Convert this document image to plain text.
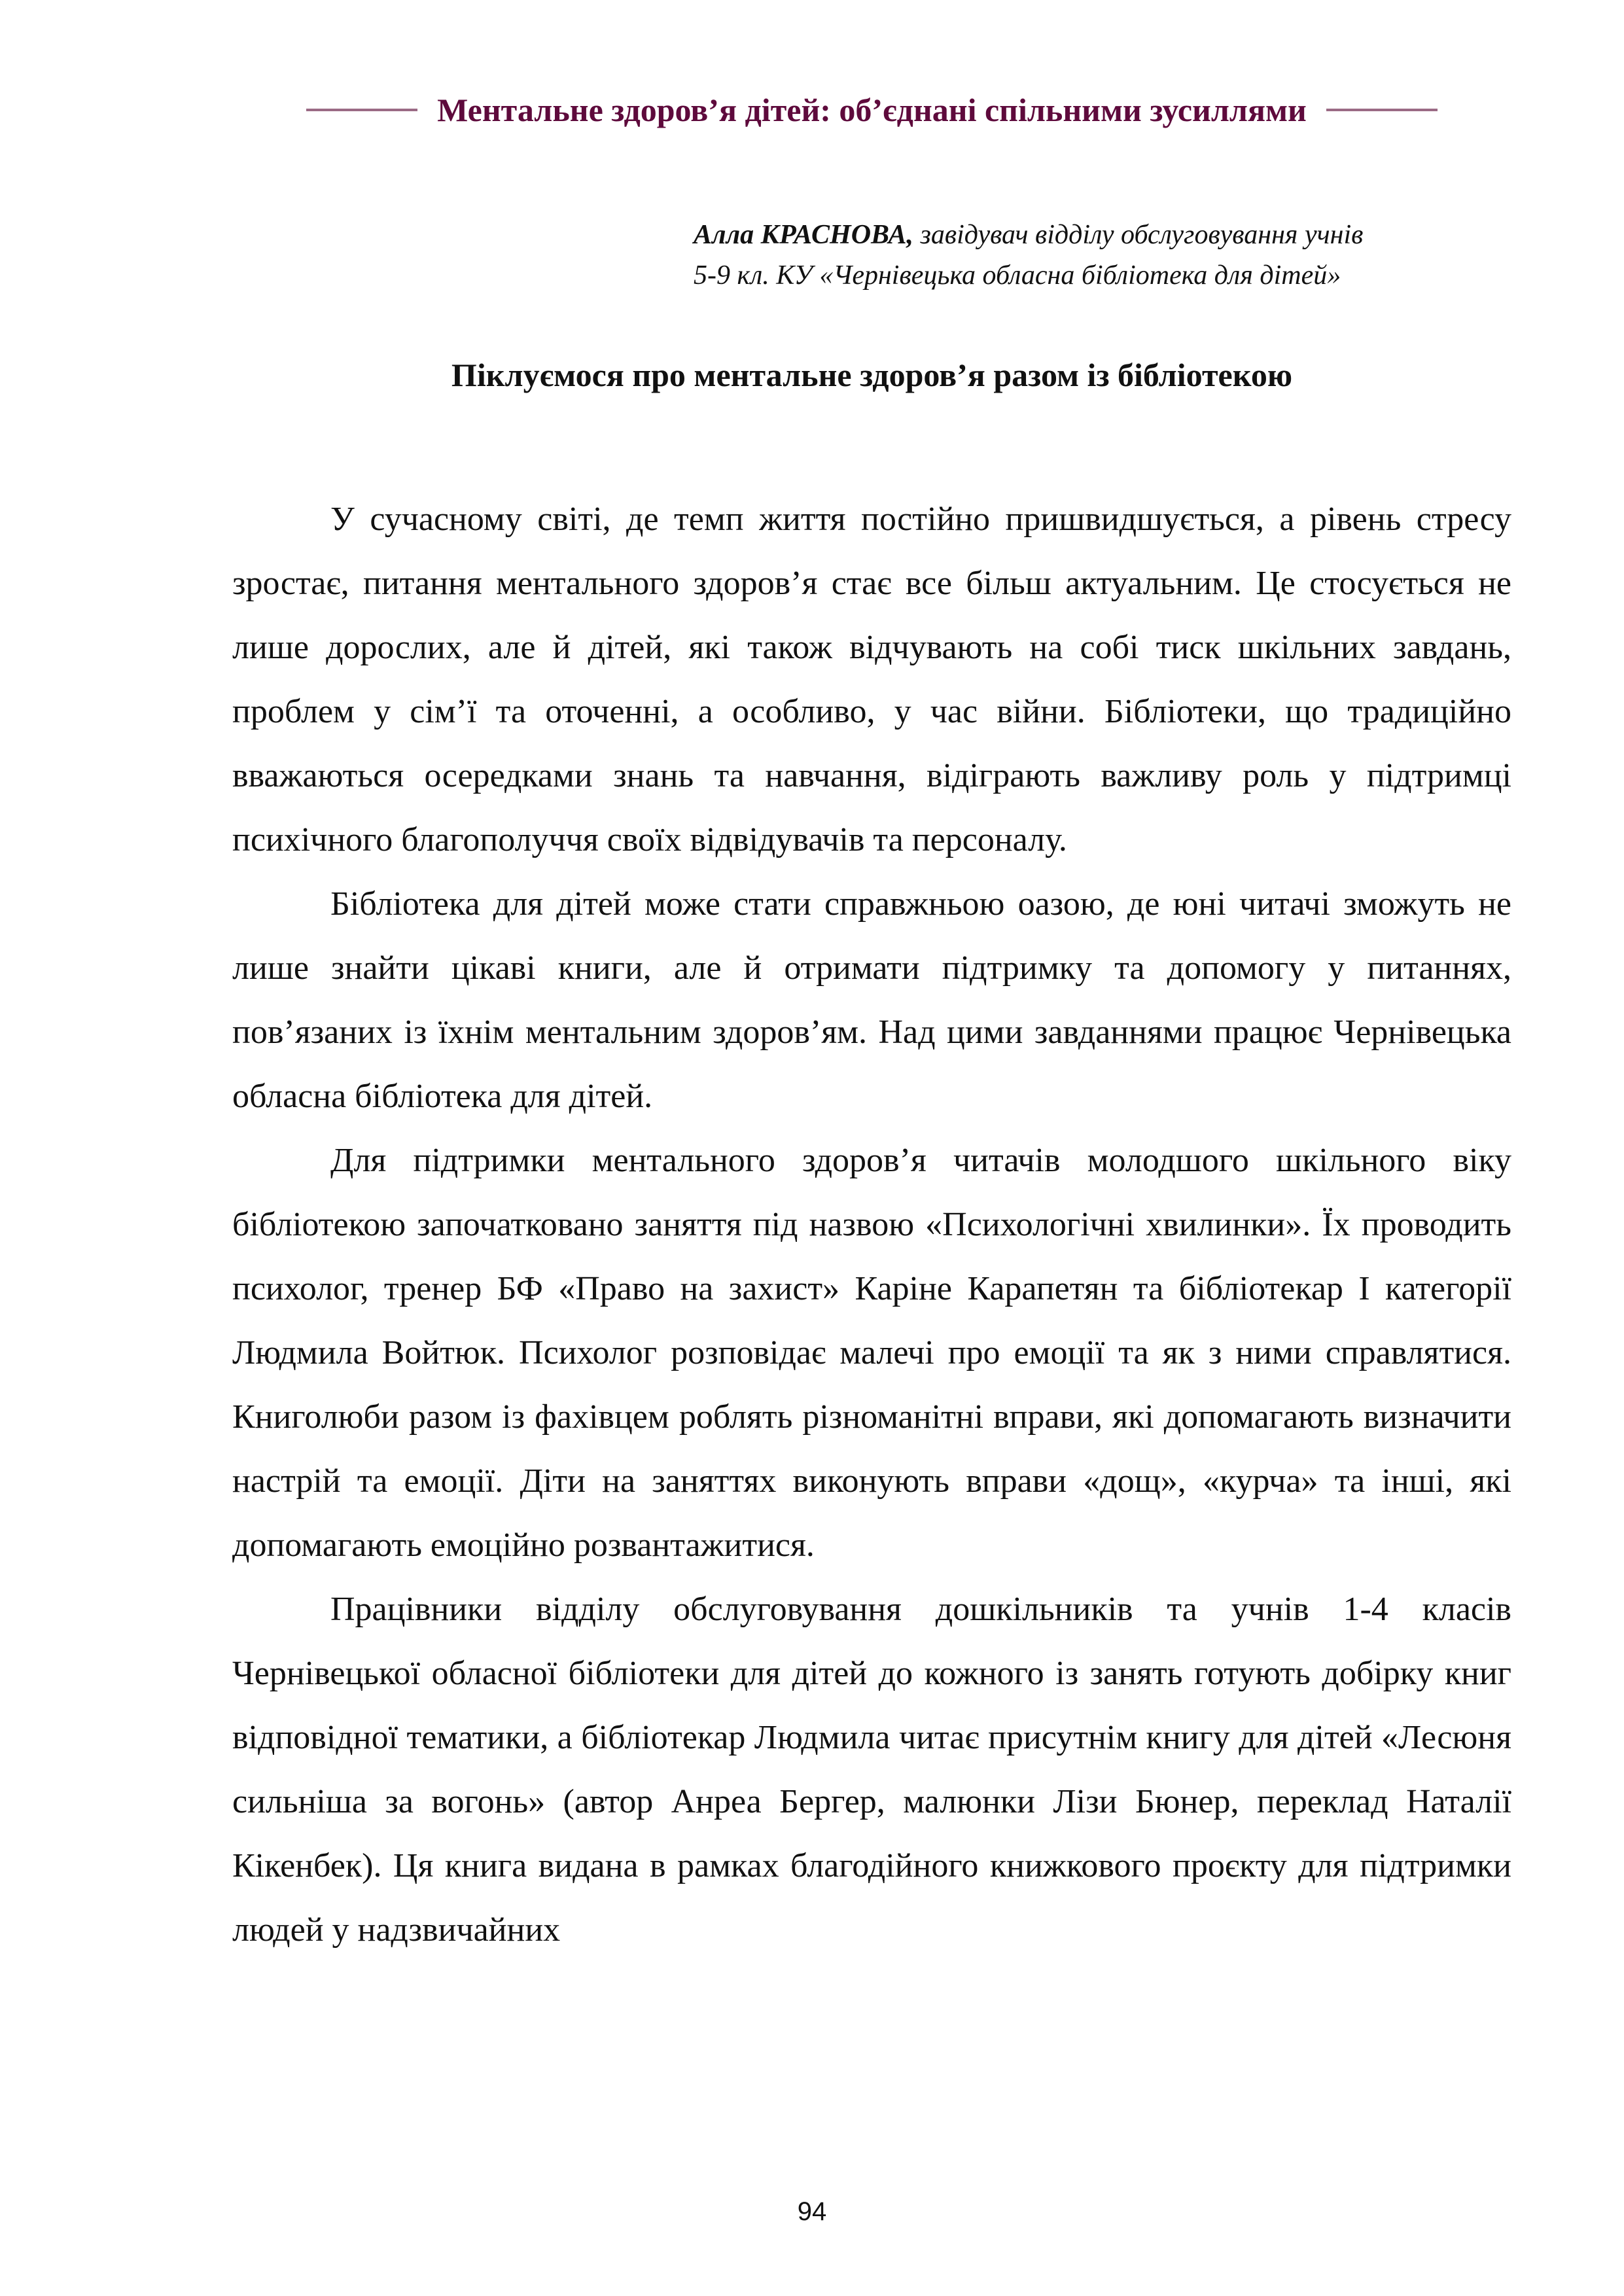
Ментальне здоров’я дітей: об’єднані спільними зусиллями
Алла КРАСНОВА, завідувач відділу обслуговування учнів
5-9 кл. КУ «Чернівецька обласна бібліотека для дітей»
Піклуємося про ментальне здоров’я разом із бібліотекою

У сучасному світі, де темп життя постійно пришвидшується, а рівень стресу зростає, питання ментального здоров’я стає все більш актуальним. Це стосується не лише дорослих, але й дітей, які також відчувають на собі тиск шкільних завдань, проблем у сім’ї та оточенні, а особливо, у час війни. Бібліотеки, що традиційно вважаються осередками знань та навчання, відіграють важливу роль у підтримці психічного благополуччя своїх відвідувачів та персоналу.

Бібліотека для дітей може стати справжньою оазою, де юні читачі зможуть не лише знайти цікаві книги, але й отримати підтримку та допомогу у питаннях, пов’язаних із їхнім ментальним здоров’ям. Над цими завданнями працює Чернівецька обласна бібліотека для дітей.

Для підтримки ментального здоров’я читачів молодшого шкільного віку бібліотекою започатковано заняття під назвою «Психологічні хвилинки». Їх проводить психолог, тренер БФ «Право на захист» Каріне Карапетян та бібліотекар І категорії Людмила Войтюк. Психолог розповідає малечі про емоції та як з ними справлятися. Книголюби разом із фахівцем роблять різноманітні вправи, які допомагають визначити настрій та емоції. Діти на заняттях виконують вправи «дощ», «курча» та інші, які допомагають емоційно розвантажитися.

Працівники відділу обслуговування дошкільників та учнів 1-4 класів Чернівецької обласної бібліотеки для дітей до кожного із занять готують добірку книг відповідної тематики, а бібліотекар Людмила читає присутнім книгу для дітей «Лесюня сильніша за вогонь» (автор Анреа Бергер, малюнки Лізи Бюнер, переклад Наталії Кікенбек). Ця книга видана в рамках благодійного книжкового проєкту для підтримки людей у надзвичайних

94
